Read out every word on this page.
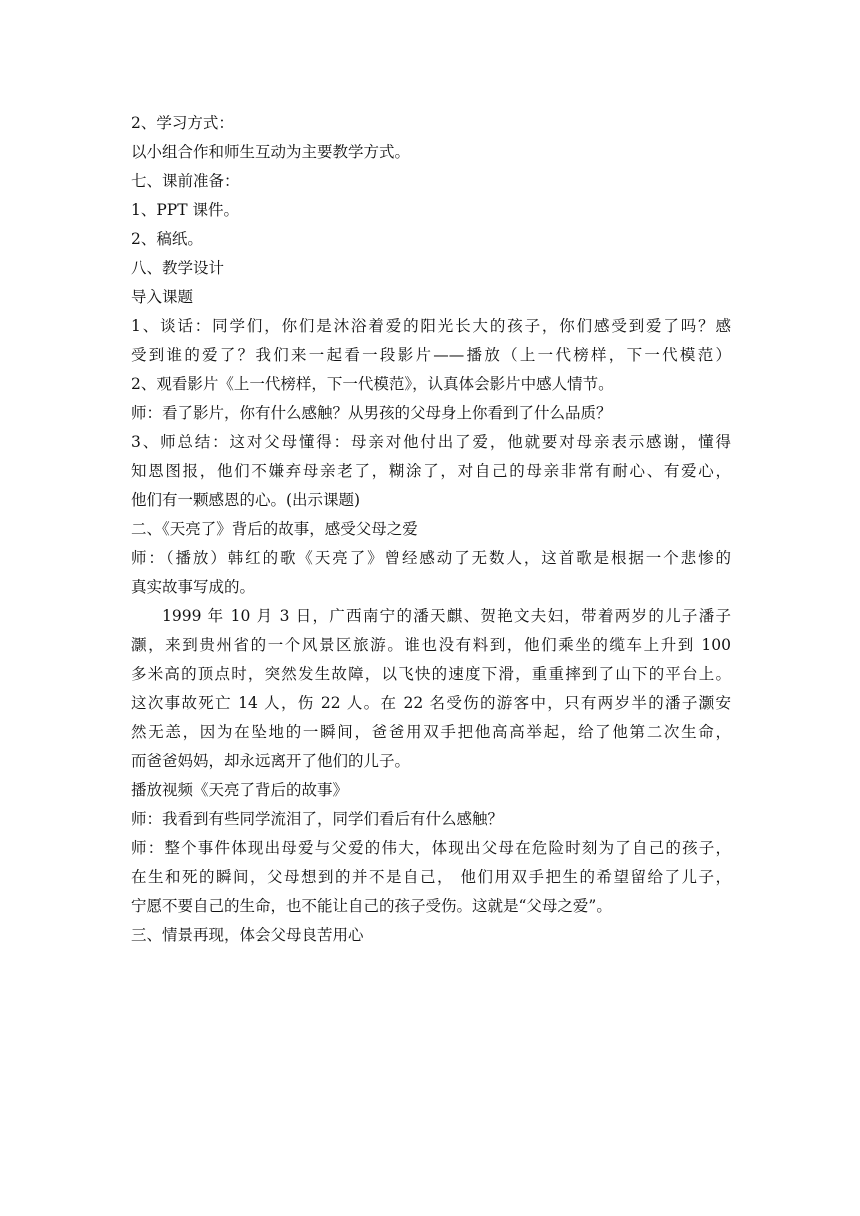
2、学习方式：
以小组合作和师生互动为主要教学方式。
七、课前准备：
1、PPT 课件。
2、稿纸。
八、教学设计
导入课题
1、谈话：同学们，你们是沐浴着爱的阳光长大的孩子，你们感受到爱了吗？感
受到谁的爱了？我们来一起看一段影片——播放（上一代榜样，下一代模范）
2、观看影片《上一代榜样，下一代模范》，认真体会影片中感人情节。
师：看了影片，你有什么感触？从男孩的父母身上你看到了什么品质？
3、师总结：这对父母懂得：母亲对他付出了爱，他就要对母亲表示感谢，懂得
知恩图报，他们不嫌弃母亲老了，糊涂了，对自己的母亲非常有耐心、有爱心，
他们有一颗感恩的心。(出示课题)
二、《天亮了》背后的故事，感受父母之爱
师：（播放）韩红的歌《天亮了》曾经感动了无数人，这首歌是根据一个悲惨的
真实故事写成的。
1999 年 10 月 3 日，广西南宁的潘天麒、贺艳文夫妇，带着两岁的儿子潘子
灏，来到贵州省的一个风景区旅游。谁也没有料到，他们乘坐的缆车上升到 100
多米高的顶点时，突然发生故障，以飞快的速度下滑，重重摔到了山下的平台上。
这次事故死亡 14 人，伤 22 人。在 22 名受伤的游客中，只有两岁半的潘子灏安
然无恙，因为在坠地的一瞬间，爸爸用双手把他高高举起，给了他第二次生命，
而爸爸妈妈，却永远离开了他们的儿子。
播放视频《天亮了背后的故事》
师：我看到有些同学流泪了，同学们看后有什么感触？
师：整个事件体现出母爱与父爱的伟大，体现出父母在危险时刻为了自己的孩子，
在生和死的瞬间，父母想到的并不是自己， 他们用双手把生的希望留给了儿子，
宁愿不要自己的生命，也不能让自己的孩子受伤。这就是“父母之爱”。
三、情景再现，体会父母良苦用心
